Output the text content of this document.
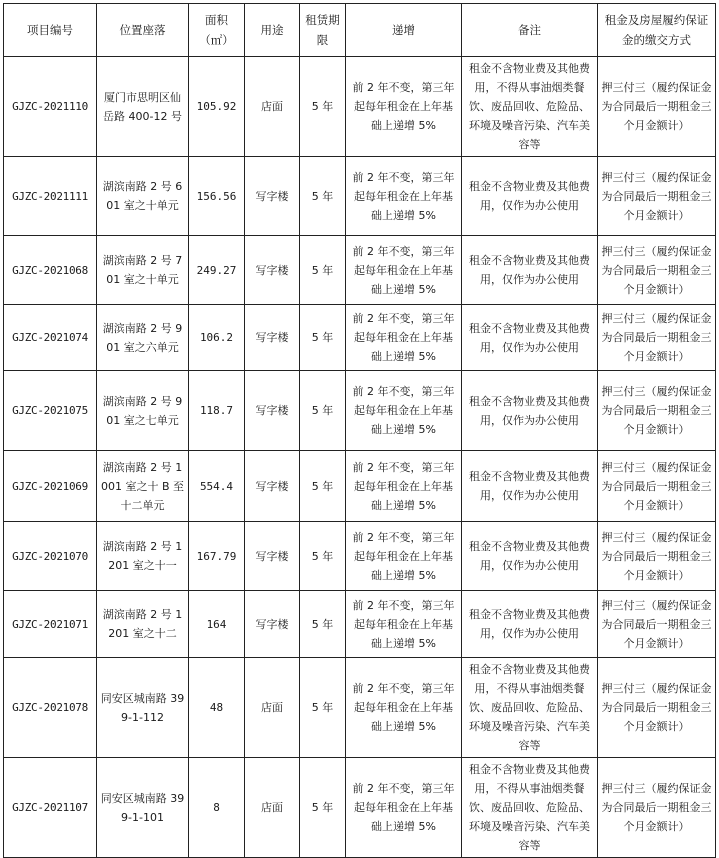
项目编号	位置座落	面积（㎡）	用途	租赁期限	递增	备注	租金及房屋履约保证金的缴交方式
GJZC-2021110	厦门市思明区仙岳路 400-12 号	105.92	店面	5 年	前 2 年不变，第三年起每年租金在上年基础上递增 5%	租金不含物业费及其他费用，不得从事油烟类餐饮、废品回收、危险品、环境及噪音污染、汽车美容等	押三付三（履约保证金为合同最后一期租金三个月金额计）
GJZC-2021111	湖滨南路 2 号 601 室之十单元	156.56	写字楼	5 年	前 2 年不变，第三年起每年租金在上年基础上递增 5%	租金不含物业费及其他费用，仅作为办公使用	押三付三（履约保证金为合同最后一期租金三个月金额计）
GJZC-2021068	湖滨南路 2 号 701 室之十单元	249.27	写字楼	5 年	前 2 年不变，第三年起每年租金在上年基础上递增 5%	租金不含物业费及其他费用，仅作为办公使用	押三付三（履约保证金为合同最后一期租金三个月金额计）
GJZC-2021074	湖滨南路 2 号 901 室之六单元	106.2	写字楼	5 年	前 2 年不变，第三年起每年租金在上年基础上递增 5%	租金不含物业费及其他费用，仅作为办公使用	押三付三（履约保证金为合同最后一期租金三个月金额计）
GJZC-2021075	湖滨南路 2 号 901 室之七单元	118.7	写字楼	5 年	前 2 年不变，第三年起每年租金在上年基础上递增 5%	租金不含物业费及其他费用，仅作为办公使用	押三付三（履约保证金为合同最后一期租金三个月金额计）
GJZC-2021069	湖滨南路 2 号 1001 室之十 B 至十二单元	554.4	写字楼	5 年	前 2 年不变，第三年起每年租金在上年基础上递增 5%	租金不含物业费及其他费用，仅作为办公使用	押三付三（履约保证金为合同最后一期租金三个月金额计）
GJZC-2021070	湖滨南路 2 号 1201 室之十一	167.79	写字楼	5 年	前 2 年不变，第三年起每年租金在上年基础上递增 5%	租金不含物业费及其他费用，仅作为办公使用	押三付三（履约保证金为合同最后一期租金三个月金额计）
GJZC-2021071	湖滨南路 2 号 1201 室之十二	164	写字楼	5 年	前 2 年不变，第三年起每年租金在上年基础上递增 5%	租金不含物业费及其他费用，仅作为办公使用	押三付三（履约保证金为合同最后一期租金三个月金额计）
GJZC-2021078	同安区城南路 399-1-112	48	店面	5 年	前 2 年不变，第三年起每年租金在上年基础上递增 5%	租金不含物业费及其他费用，不得从事油烟类餐饮、废品回收、危险品、环境及噪音污染、汽车美容等	押三付三（履约保证金为合同最后一期租金三个月金额计）
GJZC-2021107	同安区城南路 399-1-101	8	店面	5 年	前 2 年不变，第三年起每年租金在上年基础上递增 5%	租金不含物业费及其他费用，不得从事油烟类餐饮、废品回收、危险品、环境及噪音污染、汽车美容等	押三付三（履约保证金为合同最后一期租金三个月金额计）
